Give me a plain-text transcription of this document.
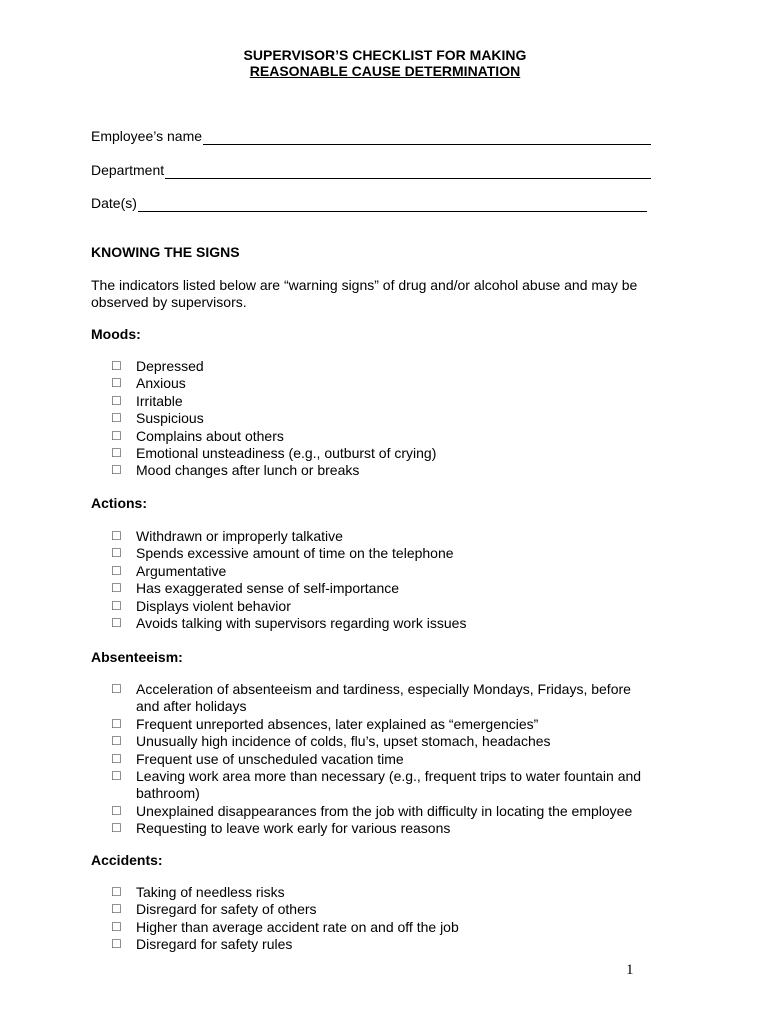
SUPERVISOR’S CHECKLIST FOR MAKING
REASONABLE CAUSE DETERMINATION
Employee’s name
Department
Date(s)
KNOWING THE SIGNS
The indicators listed below are “warning signs” of drug and/or alcohol abuse and may be observed by supervisors.
Moods:
☐	Depressed
☐	Anxious
☐	Irritable
☐	Suspicious
☐	Complains about others
☐	Emotional unsteadiness (e.g., outburst of crying)
☐	Mood changes after lunch or breaks
Actions:
☐	Withdrawn or improperly talkative
☐	Spends excessive amount of time on the telephone
☐	Argumentative
☐	Has exaggerated sense of self-importance
☐	Displays violent behavior
☐	Avoids talking with supervisors regarding work issues
Absenteeism:
☐	Acceleration of absenteeism and tardiness, especially Mondays, Fridays, before and after holidays
☐	Frequent unreported absences, later explained as “emergencies”
☐	Unusually high incidence of colds, flu’s, upset stomach, headaches
☐	Frequent use of unscheduled vacation time
☐	Leaving work area more than necessary (e.g., frequent trips to water fountain and bathroom)
☐	Unexplained disappearances from the job with difficulty in locating the employee
☐	Requesting to leave work early for various reasons
Accidents:
☐	Taking of needless risks
☐	Disregard for safety of others
☐	Higher than average accident rate on and off the job
☐	Disregard for safety rules
1
